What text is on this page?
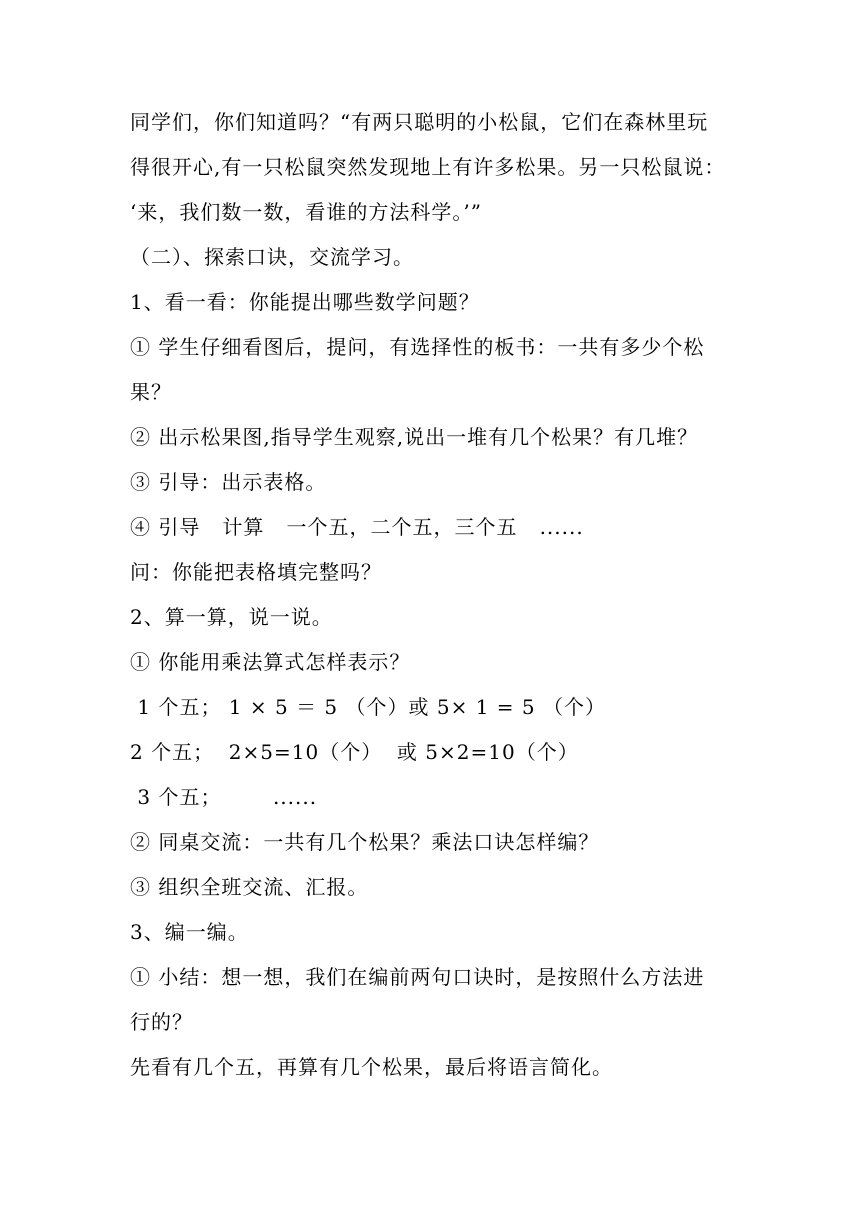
同学们，你们知道吗？“有两只聪明的小松鼠，它们在森林里玩
得很开心,有一只松鼠突然发现地上有许多松果。另一只松鼠说：
‘来，我们数一数，看谁的方法科学。’”
（二）、探索口诀，交流学习。
1、看一看：你能提出哪些数学问题？
① 学生仔细看图后，提问，有选择性的板书：一共有多少个松
果？
② 出示松果图,指导学生观察,说出一堆有几个松果？有几堆？
③ 引导：出示表格。
④ 引导   计算   一个五，二个五，三个五   ......
问：你能把表格填完整吗？
2、算一算，说一说。
① 你能用乘法算式怎样表示？
1 个五； 1 × 5 ＝ 5 （个）或 5× 1 = 5 （个）
2 个五；  2×5=10（个）  或 5×2=10（个）
3 个五；       ......
② 同桌交流：一共有几个松果？乘法口诀怎样编？
③ 组织全班交流、汇报。
3、编一编。
① 小结：想一想，我们在编前两句口诀时，是按照什么方法进
行的？
先看有几个五，再算有几个松果，最后将语言简化。
